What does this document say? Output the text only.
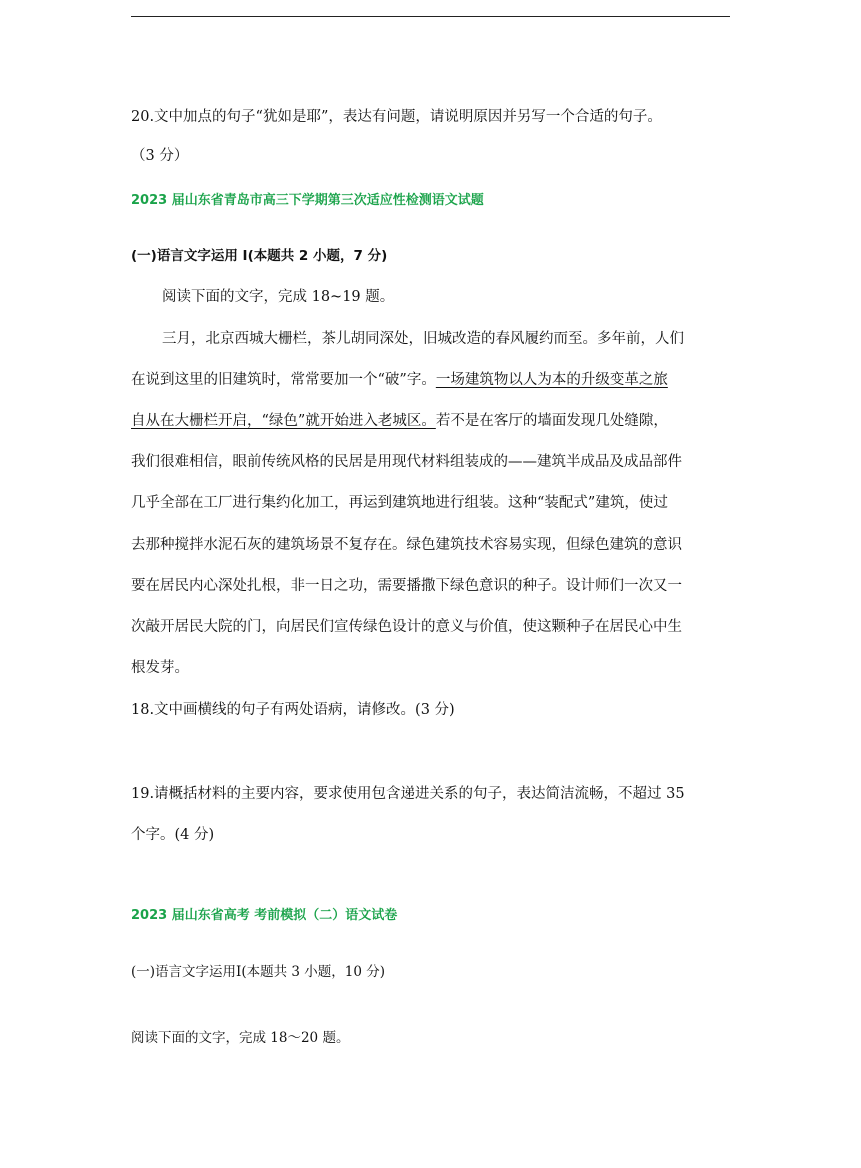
20.文中加点的句子“犹如是耶”，表达有问题，请说明原因并另写一个合适的句子。
（3 分）
2023 届山东省青岛市高三下学期第三次适应性检测语文试题
(一)语言文字运用 I(本题共 2 小题，7 分)
阅读下面的文字，完成 18~19 题。
三月，北京西城大栅栏，茶儿胡同深处，旧城改造的春风履约而至。多年前，人们
在说到这里的旧建筑时，常常要加一个“破”字。一场建筑物以人为本的升级变革之旅
自从在大栅栏开启，“绿色”就开始进入老城区。若不是在客厅的墙面发现几处缝隙，
我们很难相信，眼前传统风格的民居是用现代材料组装成的——建筑半成品及成品部件
几乎全部在工厂进行集约化加工，再运到建筑地进行组装。这种“装配式”建筑，使过
去那种搅拌水泥石灰的建筑场景不复存在。绿色建筑技术容易实现，但绿色建筑的意识
要在居民内心深处扎根，非一日之功，需要播撒下绿色意识的种子。设计师们一次又一
次敲开居民大院的门，向居民们宣传绿色设计的意义与价值，使这颗种子在居民心中生
根发芽。
18.文中画横线的句子有两处语病，请修改。(3 分)
19.请概括材料的主要内容，要求使用包含递进关系的句子，表达简洁流畅，不超过 35
个字。(4 分)
2023 届山东省高考 考前模拟（二）语文试卷
(一)语言文字运用Ⅰ(本题共 3 小题，10 分)
阅读下面的文字，完成 18～20 题。
